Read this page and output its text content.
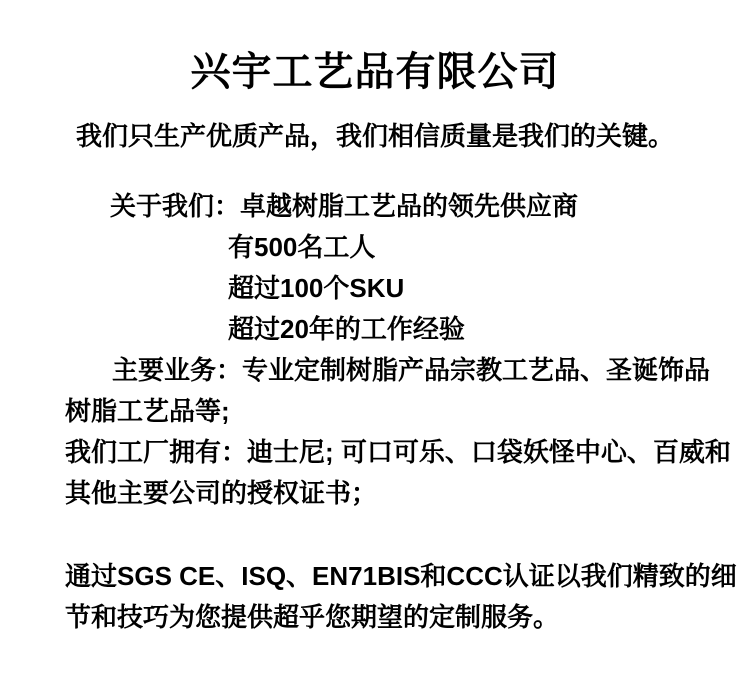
兴宇工艺品有限公司
我们只生产优质产品，我们相信质量是我们的关键。
关于我们：卓越树脂工艺品的领先供应商
有500名工人
超过100个SKU
超过20年的工作经验
主要业务：专业定制树脂产品宗教工艺品、圣诞饰品
树脂工艺品等;
我们工厂拥有：迪士尼; 可口可乐、口袋妖怪中心、百威和
其他主要公司的授权证书；
通过SGS CE、ISQ、EN71BIS和CCC认证以我们精致的细
节和技巧为您提供超乎您期望的定制服务。
